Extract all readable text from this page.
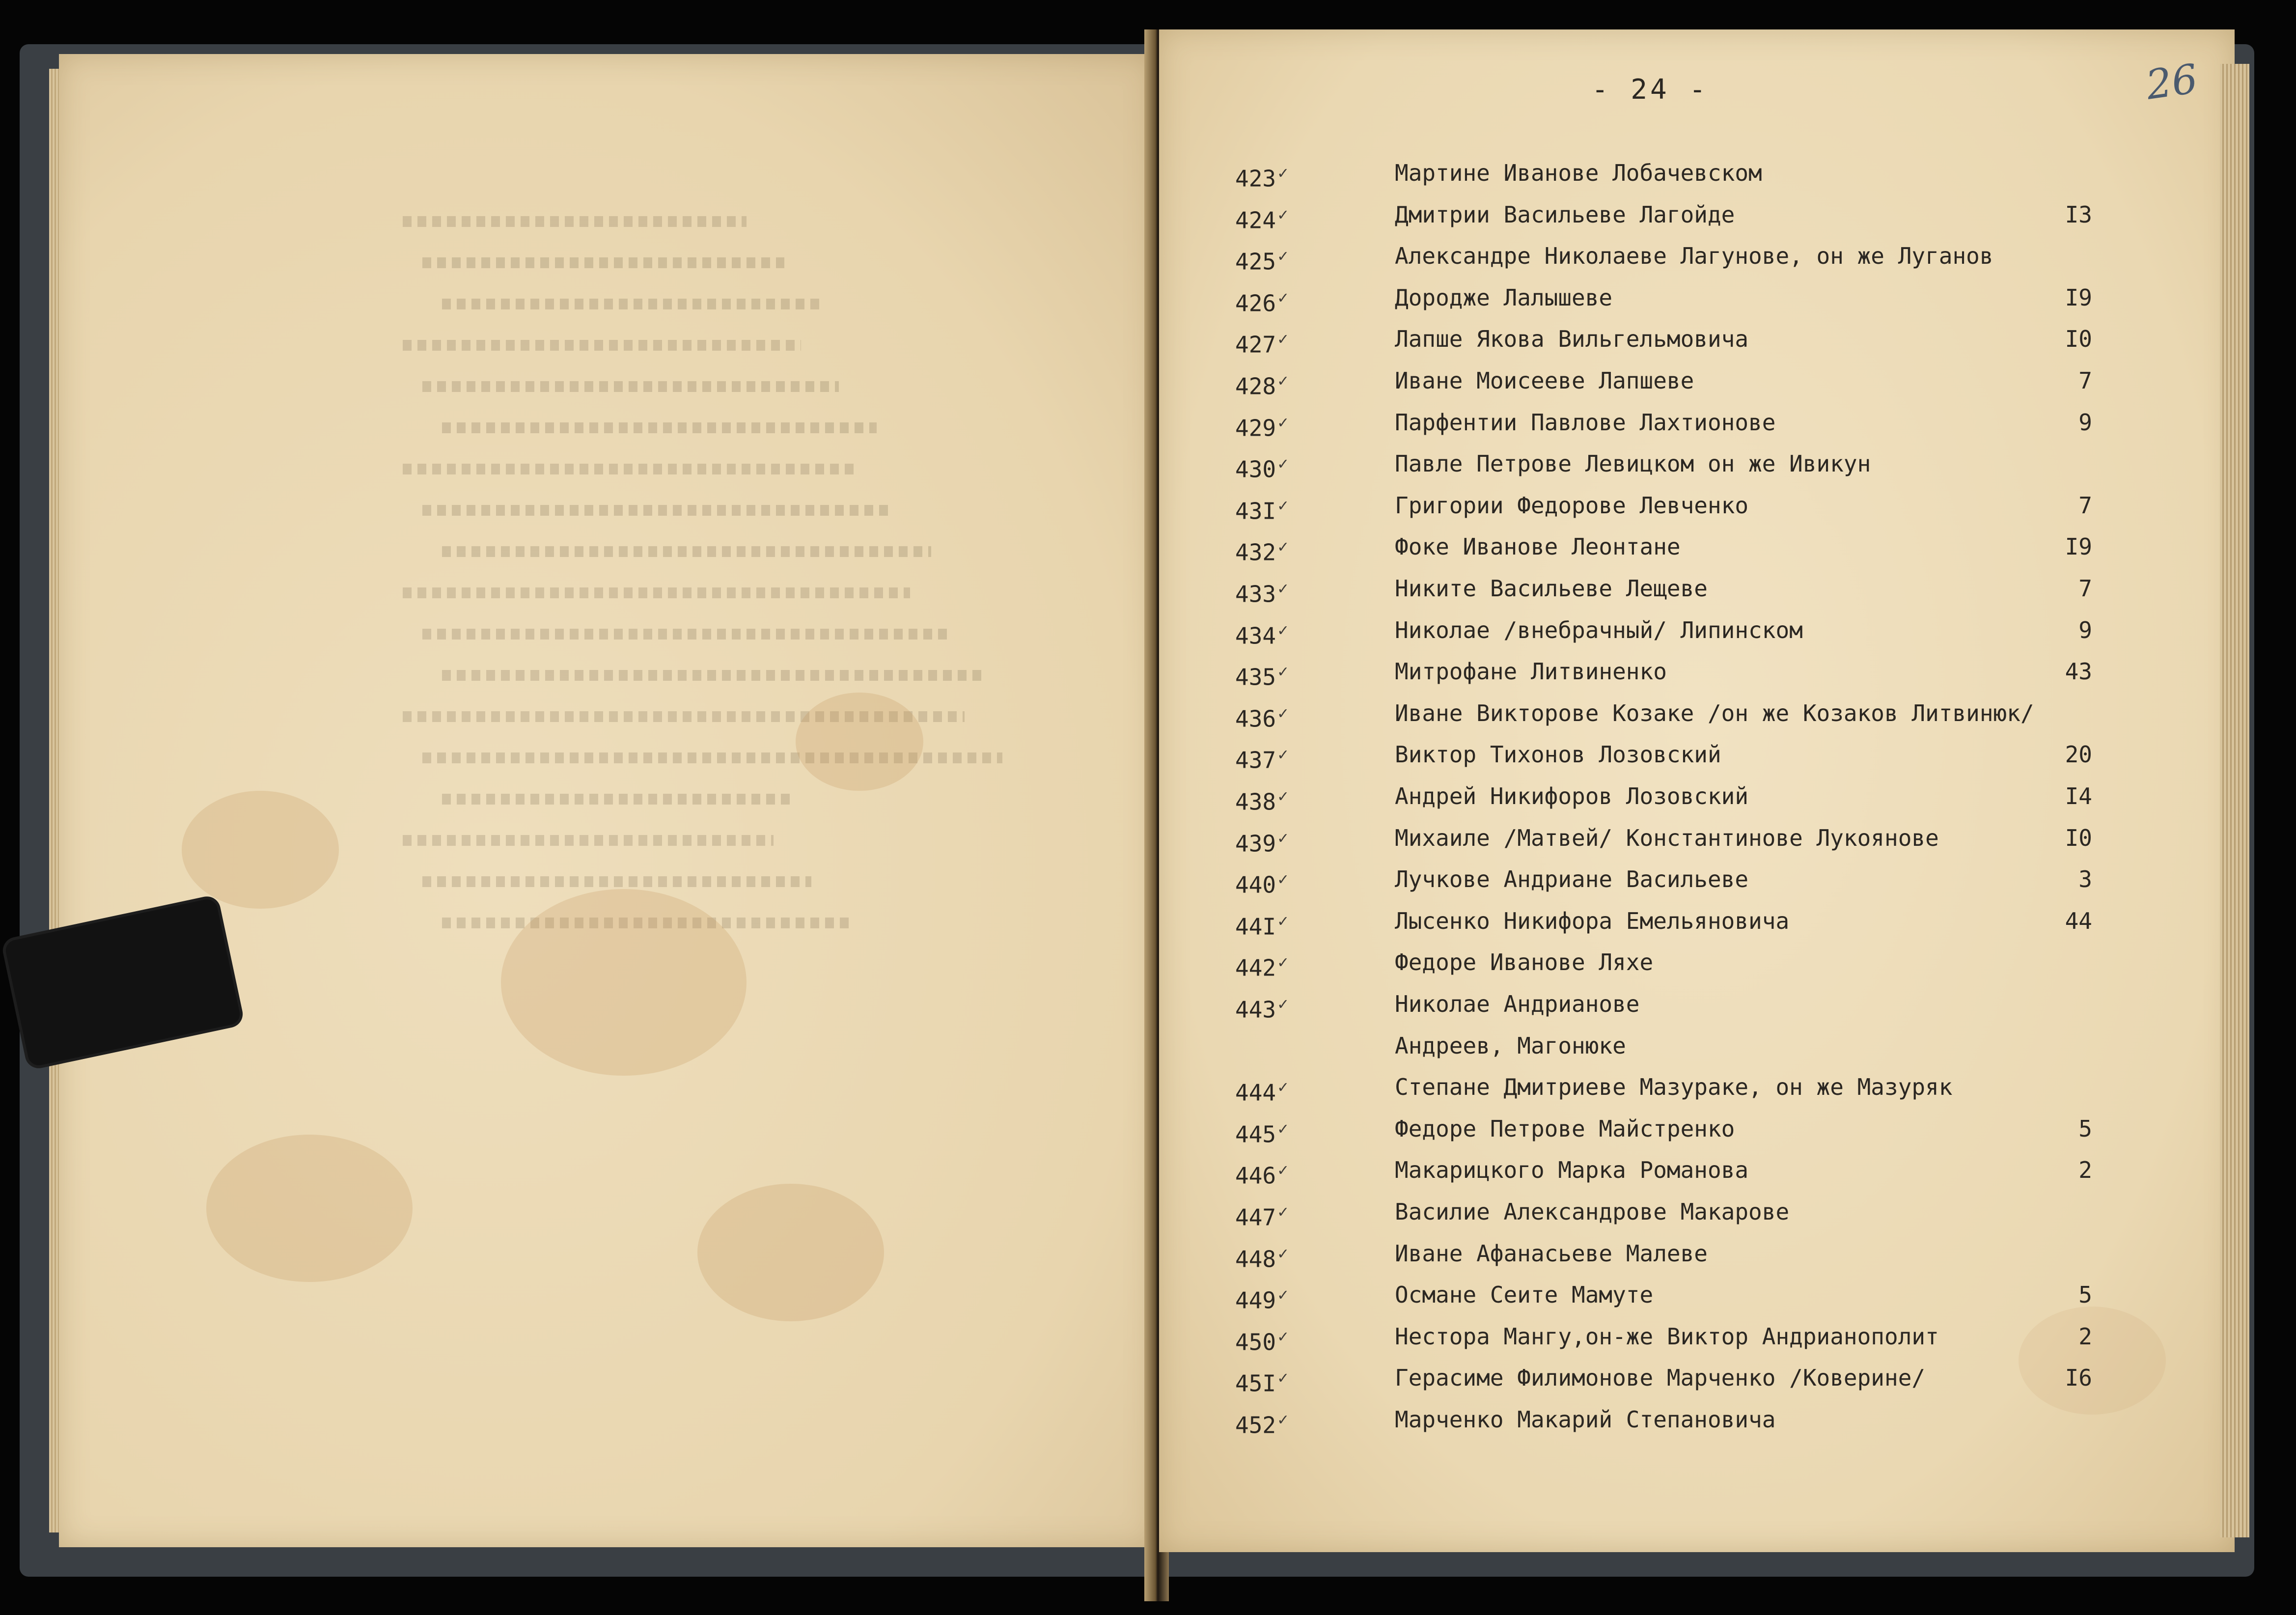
- 24 -	26
423 ✓	Мартине Иванове Лобачевском
424 ✓	Дмитрии Васильеве Лагойде	I3
425 ✓	Александре Николаеве Лагунове, он же Луганов
426 ✓	Дородже Лалышеве	I9
427 ✓	Лапше Якова Вильгельмовича	I0
428 ✓	Иване Моисееве Лапшеве	7
429 ✓	Парфентии Павлове Лахтионове	9
430 ✓	Павле Петрове Левицком он же Ивикун
43I ✓	Григории Федорове Левченко	7
432 ✓	Фоке Иванове Леонтане	I9
433 ✓	Никите Васильеве Лещеве	7
434 ✓	Николае /внебрачный/ Липинском	9
435 ✓	Митрофане Литвиненко	43
436 ✓	Иване Викторове Козаке /он же Козаков Литвинюк/
437 ✓	Виктор Тихонов Лозовский	20
438 ✓	Андрей Никифоров Лозовский	I4
439 ✓	Михаиле /Матвей/ Константинове Лукоянове	I0
440 ✓	Лучкове Андриане Васильеве	3
44I ✓	Лысенко Никифора Емельяновича	44
442 ✓	Федоре Иванове Ляхе
443 ✓	Николае Андрианове
Андреев, Магонюке
444 ✓	Степане Дмитриеве Мазураке, он же Мазуряк
445 ✓	Федоре Петрове Майстренко	5
446 ✓	Макарицкого Марка Романова	2
447 ✓	Василие Александрове Макарове
448 ✓	Иване Афанасьеве Малеве
449 ✓	Османе Сеите Мамуте	5
450 ✓	Нестора Мангу,он-же Виктор Андрианополит	2
45I ✓	Герасиме Филимонове Марченко /Коверине/	I6
452 ✓	Марченко Макарий Степановича
